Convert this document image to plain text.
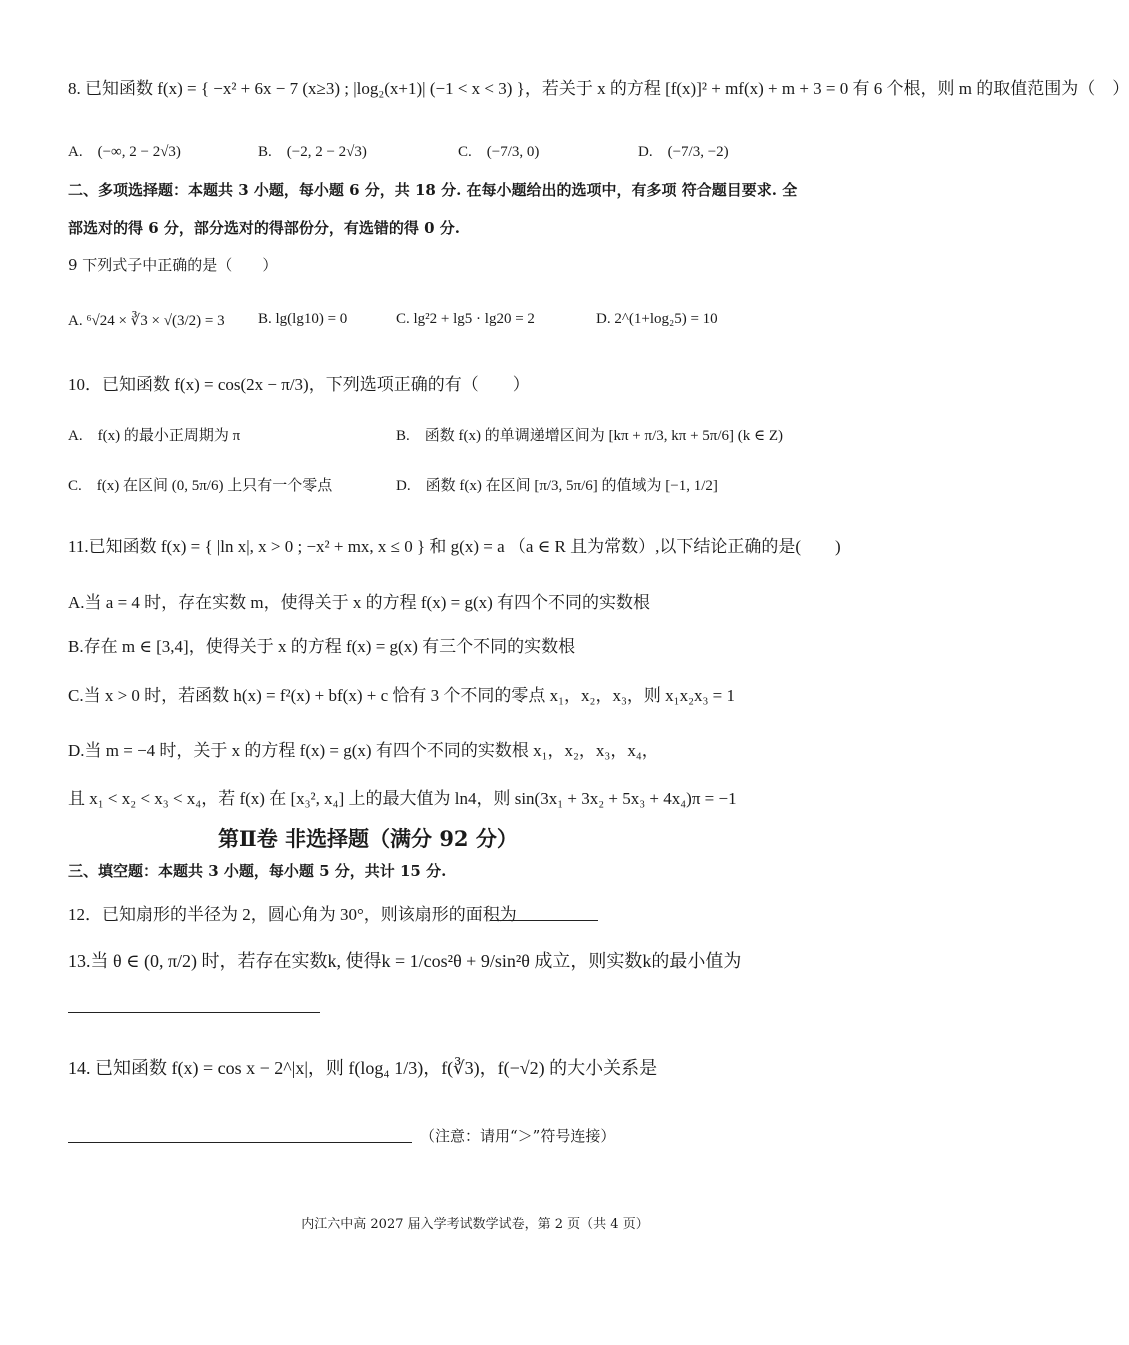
8. 已知函数 f(x) = { −x² + 6x − 7 (x≥3) ; |log₂(x+1)| (−1 < x < 3) }，若关于 x 的方程 [f(x)]² + mf(x) + m + 3 = 0 有 6 个根，则 m 的取值范围为（　）
A.　(−∞, 2 − 2√3)	B.　(−2, 2 − 2√3)	C.　(−7/3, 0)	D.　(−7/3, −2)
二、多项选择题：本题共 3 小题，每小题 6 分，共 18 分. 在每小题给出的选项中，有多项 符合题目要求. 全
部选对的得 6 分，部分选对的得部份分，有选错的得 0 分.
9 下列式子中正确的是（　　）
A. ⁶√24 × ∛3 × √(3/2) = 3 B. lg(lg10) = 0	C. lg²2 + lg5 · lg20 = 2	D. 2^(1+log₂5) = 10
10．已知函数 f(x) = cos(2x − π/3)，下列选项正确的有（　　）
A.　f(x) 的最小正周期为 π	B.　函数 f(x) 的单调递增区间为 [kπ + π/3, kπ + 5π/6] (k ∈ Z)
C.　f(x) 在区间 (0, 5π/6) 上只有一个零点	D.　函数 f(x) 在区间 [π/3, 5π/6] 的值域为 [−1, 1/2]
11.已知函数 f(x) = { |ln x|, x > 0 ; −x² + mx, x ≤ 0 } 和 g(x) = a （a ∈ R 且为常数）,以下结论正确的是(　　)
A.当 a = 4 时，存在实数 m，使得关于 x 的方程 f(x) = g(x) 有四个不同的实数根
B.存在 m ∈ [3,4]，使得关于 x 的方程 f(x) = g(x) 有三个不同的实数根
C.当 x > 0 时，若函数 h(x) = f²(x) + bf(x) + c 恰有 3 个不同的零点 x₁，x₂，x₃，则 x₁x₂x₃ = 1
D.当 m = −4 时，关于 x 的方程 f(x) = g(x) 有四个不同的实数根 x₁，x₂，x₃，x₄，
且 x₁ < x₂ < x₃ < x₄，若 f(x) 在 [x₃², x₄] 上的最大值为 ln4，则 sin(3x₁ + 3x₂ + 5x₃ + 4x₄)π = −1
第Ⅱ卷 非选择题（满分 92 分）
三、填空题：本题共 3 小题，每小题 5 分，共计 15 分.
12．已知扇形的半径为 2，圆心角为 30°，则该扇形的面积为
13.当 θ ∈ (0, π/2) 时，若存在实数k, 使得k = 1/cos²θ + 9/sin²θ 成立，则实数k的最小值为
14. 已知函数 f(x) = cos x − 2^|x|，则 f(log₄ 1/3)，f(∛3)，f(−√2) 的大小关系是
（注意：请用“＞”符号连接）
内江六中高 2027 届入学考试数学试卷，第 2 页（共 4 页）
